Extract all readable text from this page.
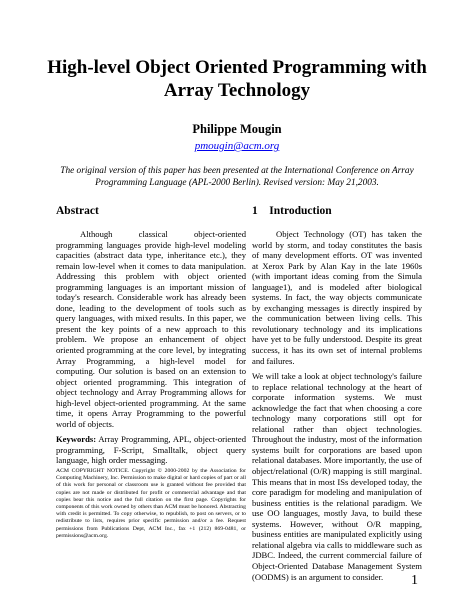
High-level Object Oriented Programming with
Array Technology
Philippe Mougin
pmougin@acm.org

The original version of this paper has been presented at the International Conference on Array
Programming Language (APL-2000 Berlin). Revised version: May 21,2003.

Abstract

Although classical object-oriented programming languages provide high-level modeling capacities (abstract data type, inheritance etc.), they remain low-level when it comes to data manipulation. Addressing this problem with object oriented programming languages is an important mission of today's research. Considerable work has already been done, leading to the development of tools such as query languages, with mixed results. In this paper, we present the key points of a new approach to this problem. We propose an enhancement of object oriented programming at the core level, by integrating Array Programming, a high-level model for computing. Our solution is based on an extension to object oriented programming. This integration of object technology and Array Programming allows for high-level object-oriented programming. At the same time, it opens Array Programming to the powerful world of objects.

Keywords: Array Programming, APL, object-oriented programming, F-Script, Smalltalk, object query language, high order messaging.

ACM COPYRIGHT NOTICE. Copyright © 2000-2002 by the Association for Computing Machinery, Inc. Permission to make digital or hard copies of part or all of this work for personal or classroom use is granted without fee provided that copies are not made or distributed for profit or commercial advantage and that copies bear this notice and the full citation on the first page. Copyrights for components of this work owned by others than ACM must be honored. Abstracting with credit is permitted. To copy otherwise, to republish, to post on servers, or to redistribute to lists, requires prior specific permission and/or a fee. Request permissions from Publications Dept, ACM Inc., fax +1 (212) 869-0481, or permissions@acm.org.

1 Introduction

Object Technology (OT) has taken the world by storm, and today constitutes the basis of many development efforts. OT was invented at Xerox Park by Alan Kay in the late 1960s (with important ideas coming from the Simula language1), and is modeled after biological systems. In fact, the way objects communicate by exchanging messages is directly inspired by the communication between living cells. This revolutionary technology and its implications have yet to be fully understood. Despite its great success, it has its own set of internal problems and failures.

We will take a look at object technology's failure to replace relational technology at the heart of corporate information systems. We must acknowledge the fact that when choosing a core technology many corporations still opt for relational rather than object technologies. Throughout the industry, most of the information systems built for corporations are based upon relational databases. More importantly, the use of object/relational (O/R) mapping is still marginal. This means that in most ISs developed today, the core paradigm for modeling and manipulation of business entities is the relational paradigm. We use OO languages, mostly Java, to build these systems. However, without O/R mapping, business entities are manipulated explicitly using relational algebra via calls to middleware such as JDBC. Indeed, the current commercial failure of Object-Oriented Database Management System (OODMS) is an argument to consider.	1
